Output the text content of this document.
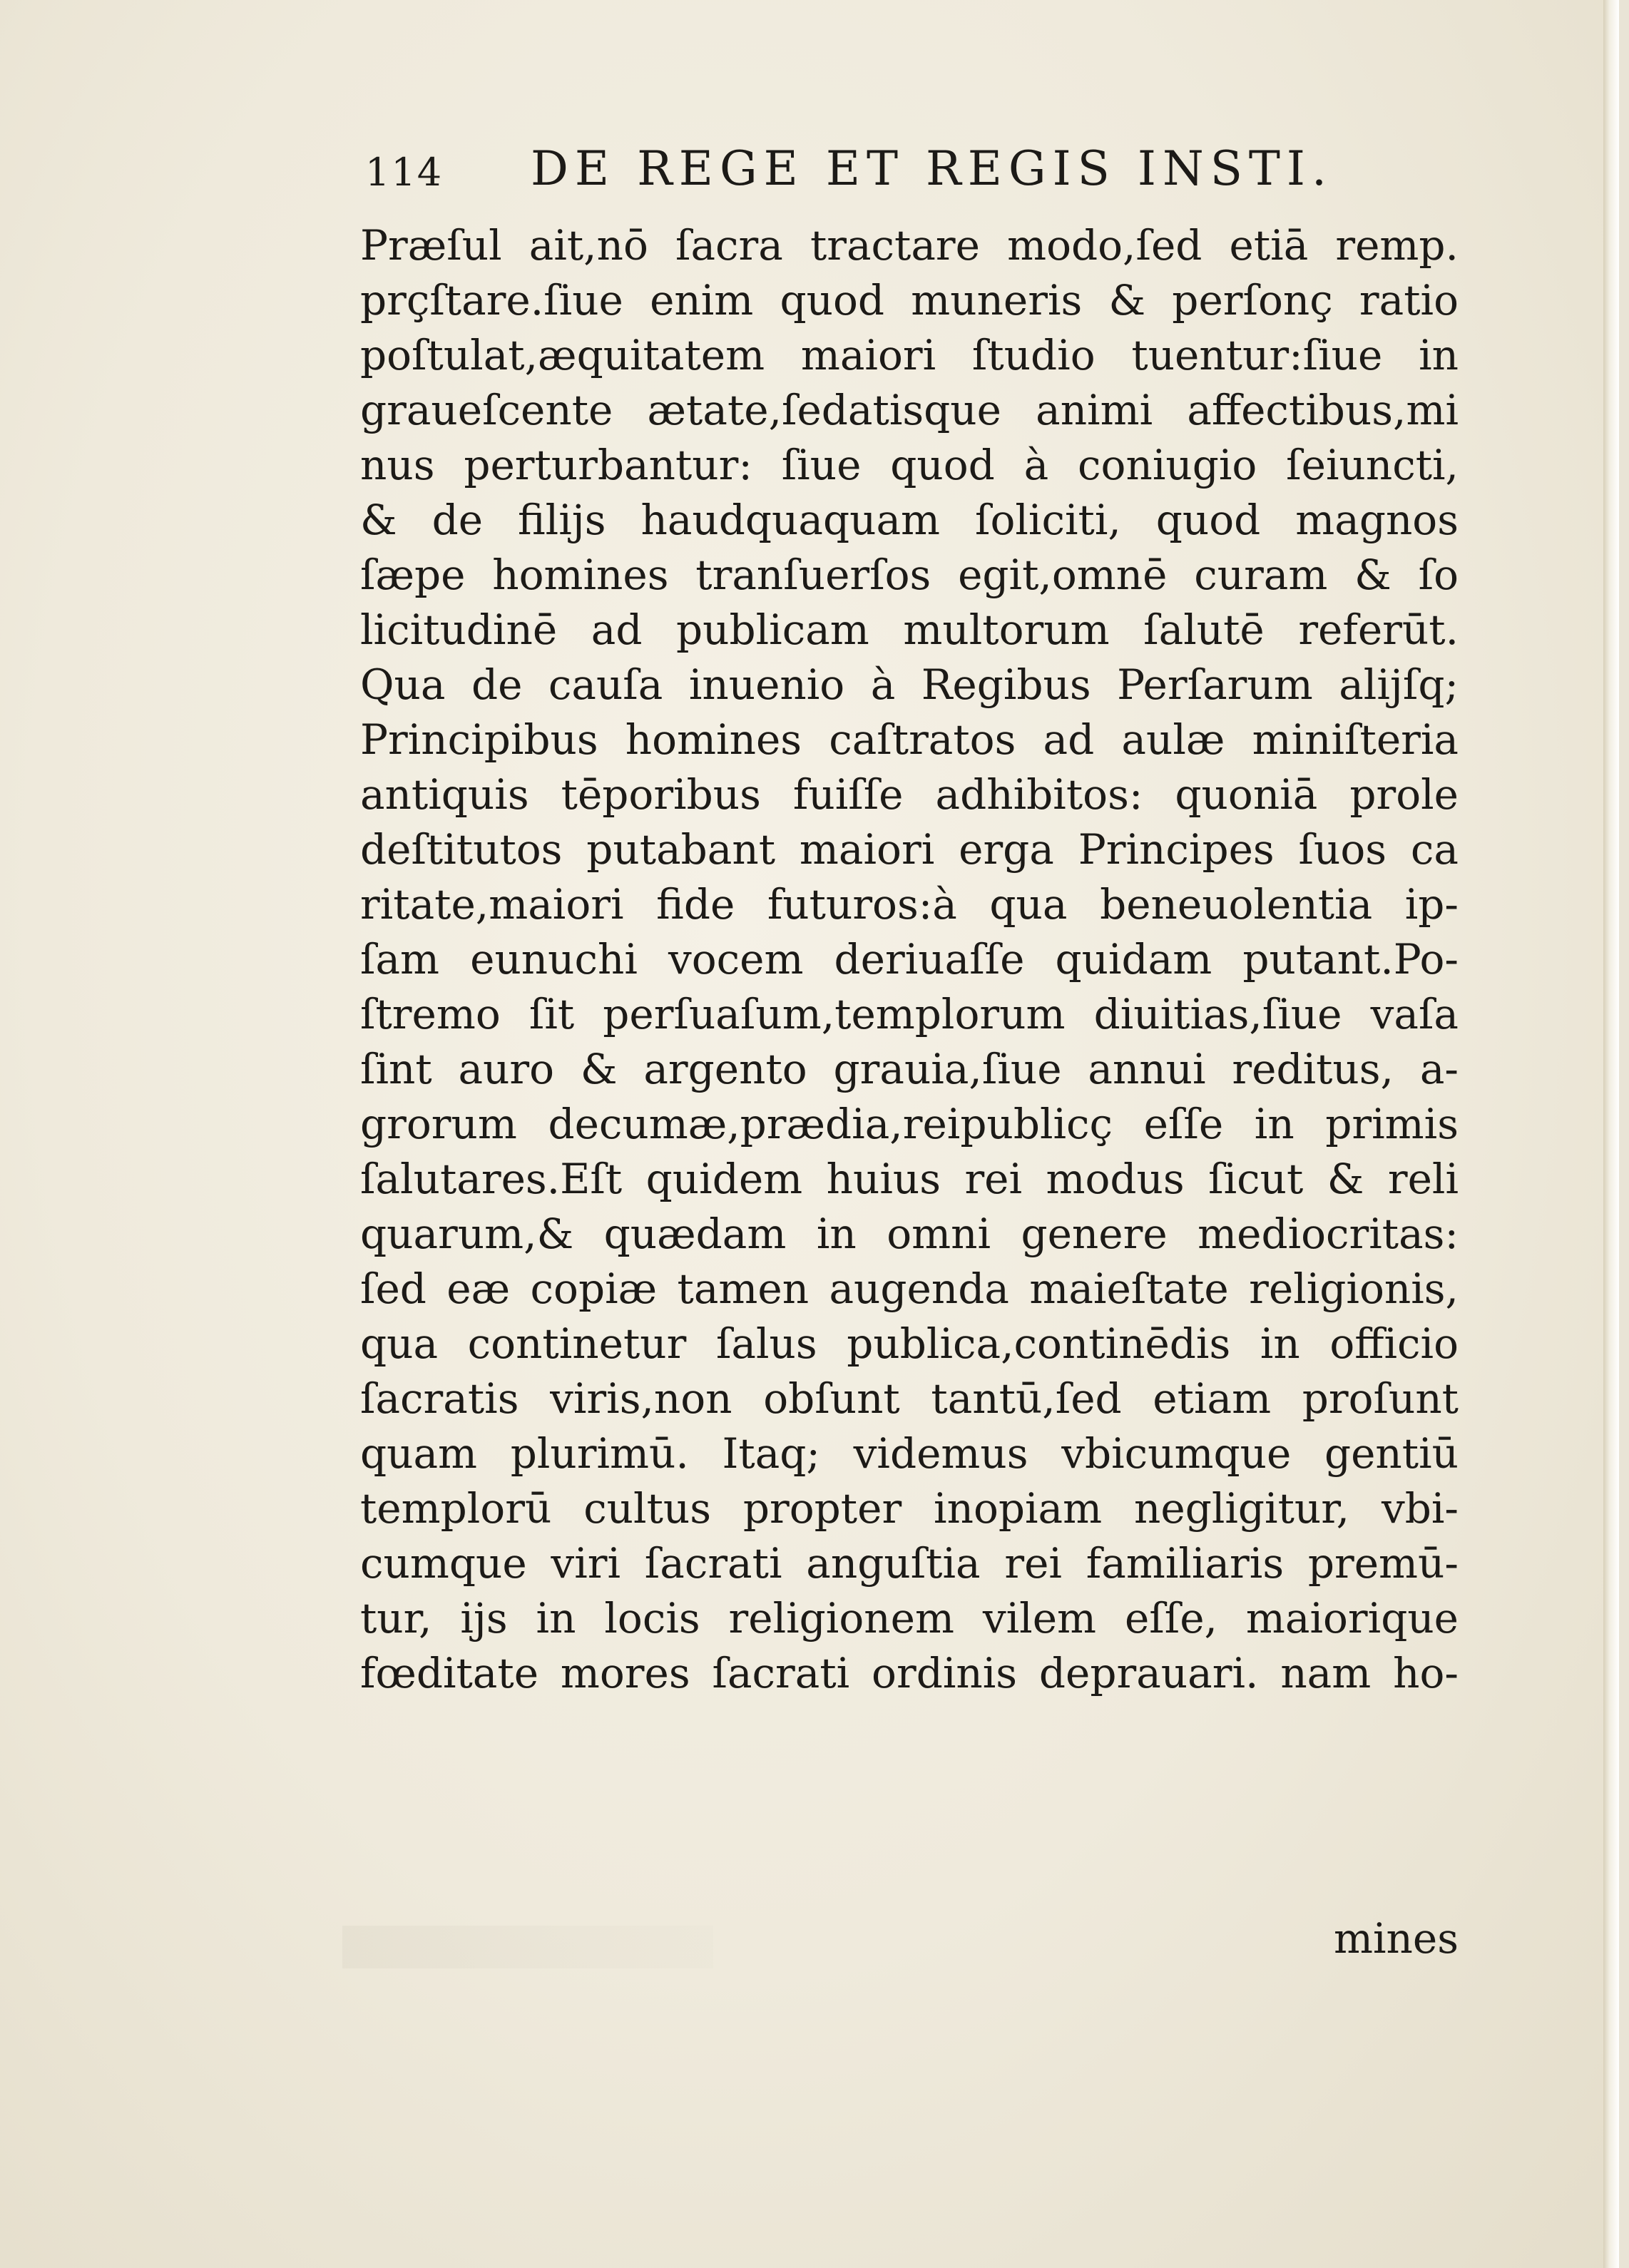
114 DE REGE ET REGIS INSTI.
Præſul ait,nō ſacra tractare modo,ſed etiā remp.
prçſtare.ſiue enim quod muneris & perſonç ratio
poſtulat,æquitatem maiori ſtudio tuentur:ſiue in
graueſcente ætate,ſedatisque animi affectibus,mi
nus perturbantur: ſiue quod à coniugio ſeiuncti,
& de filijs haudquaquam ſoliciti, quod magnos
ſæpe homines tranſuerſos egit,omnē curam & ſo
licitudinē ad publicam multorum ſalutē referūt.
Qua de cauſa inuenio à Regibus Perſarum alijſq;
Principibus homines caſtratos ad aulæ miniſteria
antiquis tēporibus fuiſſe adhibitos: quoniā prole
deſtitutos putabant maiori erga Principes ſuos ca
ritate,maiori fide futuros:à qua beneuolentia ip-
ſam eunuchi vocem deriuaſſe quidam putant.Po-
ſtremo ſit perſuaſum,templorum diuitias,ſiue vaſa
ſint auro & argento grauia,ſiue annui reditus, a-
grorum decumæ,prædia,reipublicç eſſe in primis
ſalutares.Eſt quidem huius rei modus ſicut & reli
quarum,& quædam in omni genere mediocritas:
ſed eæ copiæ tamen augenda maieſtate religionis,
qua continetur ſalus publica,continēdis in officio
ſacratis viris,non obſunt tantū,ſed etiam proſunt
quam plurimū. Itaq; videmus vbicumque gentiū
templorū cultus propter inopiam negligitur, vbi-
cumque viri ſacrati anguſtia rei familiaris premū-
tur, ijs in locis religionem vilem eſſe, maiorique
fœditate mores ſacrati ordinis deprauari. nam ho-
mines
